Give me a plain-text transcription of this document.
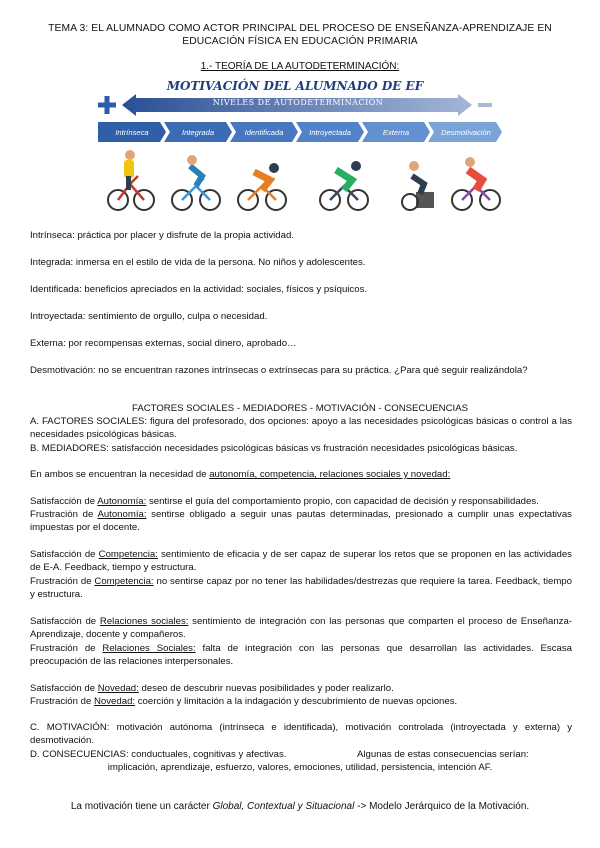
TEMA 3: EL ALUMNADO COMO ACTOR PRINCIPAL DEL PROCESO DE ENSEÑANZA-APRENDIZAJE EN
EDUCACIÓN FÍSICA EN EDUCACIÓN PRIMARIA
1.- TEORÍA DE LA AUTODETERMINACIÓN:
MOTIVACIÓN DEL ALUMNADO DE EF
NIVELES DE AUTODETERMINACIÓN
Intrínseca	Integrada	Identificada	Introyectada	Externa	Desmotivación
Intrínseca: práctica por placer y disfrute de la propia actividad.
Integrada: inmersa en el estilo de vida de la persona. No niños y adolescentes.
Identificada: beneficios apreciados en la actividad: sociales, físicos y psíquicos.
Introyectada: sentimiento de orgullo, culpa o necesidad.
Externa: por recompensas externas, social dinero, aprobado…
Desmotivación: no se encuentran razones intrínsecas o extrínsecas para su práctica. ¿Para qué seguir realizándola?
FACTORES SOCIALES - MEDIADORES - MOTIVACIÓN - CONSECUENCIAS
A. FACTORES SOCIALES: figura del profesorado, dos opciones: apoyo a las necesidades psicológicas básicas o control a las necesidades psicológicas básicas.
B. MEDIADORES: satisfacción necesidades psicológicas básicas vs frustración necesidades psicológicas básicas.
En ambos se encuentran la necesidad de autonomía, competencia, relaciones sociales y novedad:
Satisfacción de Autonomía: sentirse el guía del comportamiento propio, con capacidad de decisión y responsabilidades.
Frustración de Autonomía: sentirse obligado a seguir unas pautas determinadas, presionado a cumplir unas expectativas impuestas por el docente.
Satisfacción de Competencia: sentimiento de eficacia y de ser capaz de superar los retos que se proponen en las actividades de E-A. Feedback, tiempo y estructura.
Frustración de Competencia: no sentirse capaz por no tener las habilidades/destrezas que requiere la tarea. Feedback, tiempo y estructura.
Satisfacción de Relaciones sociales: sentimiento de integración con las personas que comparten el proceso de Enseñanza-Aprendizaje, docente y compañeros.
Frustración de Relaciones Sociales: falta de integración con las personas que desarrollan las actividades. Escasa preocupación de las relaciones interpersonales.
Satisfacción de Novedad: deseo de descubrir nuevas posibilidades y poder realizarlo.
Frustración de Novedad: coerción y limitación a la indagación y descubrimiento de nuevas opciones.
C. MOTIVACIÓN: motivación autónoma (intrínseca e identificada), motivación controlada (introyectada y externa) y desmotivación.
D. CONSECUENCIAS: conductuales, cognitivas y afectivas.	Algunas de estas consecuencias serían:
implicación, aprendizaje, esfuerzo, valores, emociones, utilidad, persistencia, intención AF.
La motivación tiene un carácter Global, Contextual y Situacional -> Modelo Jerárquico de la Motivación.
